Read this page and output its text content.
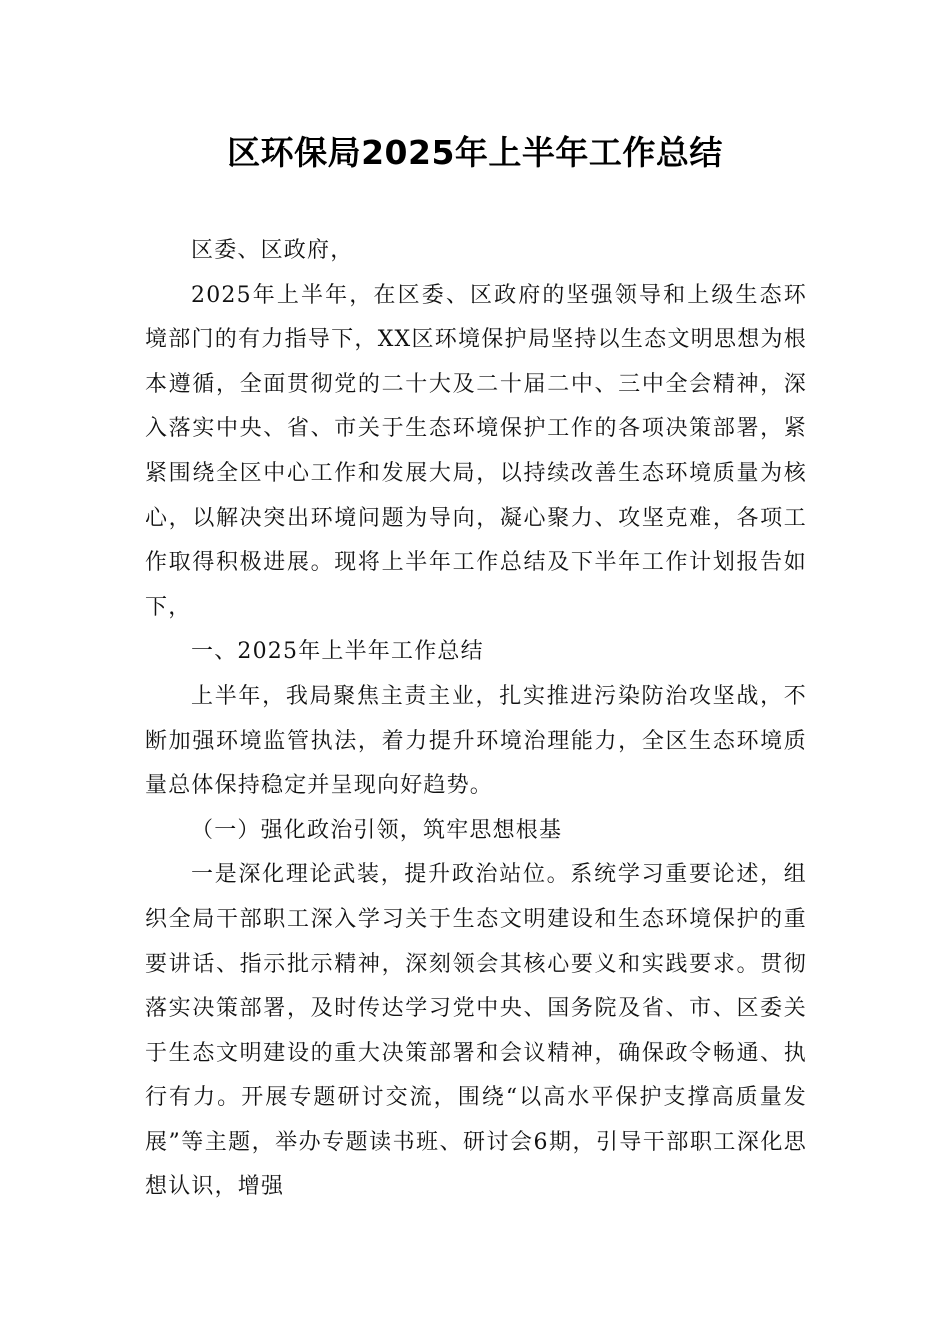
区环保局2025年上半年工作总结

区委、区政府，

2025年上半年，在区委、区政府的坚强领导和上级生态环境部门的有力指导下，XX区环境保护局坚持以生态文明思想为根本遵循，全面贯彻党的二十大及二十届二中、三中全会精神，深入落实中央、省、市关于生态环境保护工作的各项决策部署，紧紧围绕全区中心工作和发展大局，以持续改善生态环境质量为核心，以解决突出环境问题为导向，凝心聚力、攻坚克难，各项工作取得积极进展。现将上半年工作总结及下半年工作计划报告如下，

一、2025年上半年工作总结

上半年，我局聚焦主责主业，扎实推进污染防治攻坚战，不断加强环境监管执法，着力提升环境治理能力，全区生态环境质量总体保持稳定并呈现向好趋势。

（一）强化政治引领，筑牢思想根基

一是深化理论武装，提升政治站位。系统学习重要论述，组织全局干部职工深入学习关于生态文明建设和生态环境保护的重要讲话、指示批示精神，深刻领会其核心要义和实践要求。贯彻落实决策部署，及时传达学习党中央、国务院及省、市、区委关于生态文明建设的重大决策部署和会议精神，确保政令畅通、执行有力。开展专题研讨交流，围绕“以高水平保护支撑高质量发展”等主题，举办专题读书班、研讨会6期，引导干部职工深化思想认识，增强
